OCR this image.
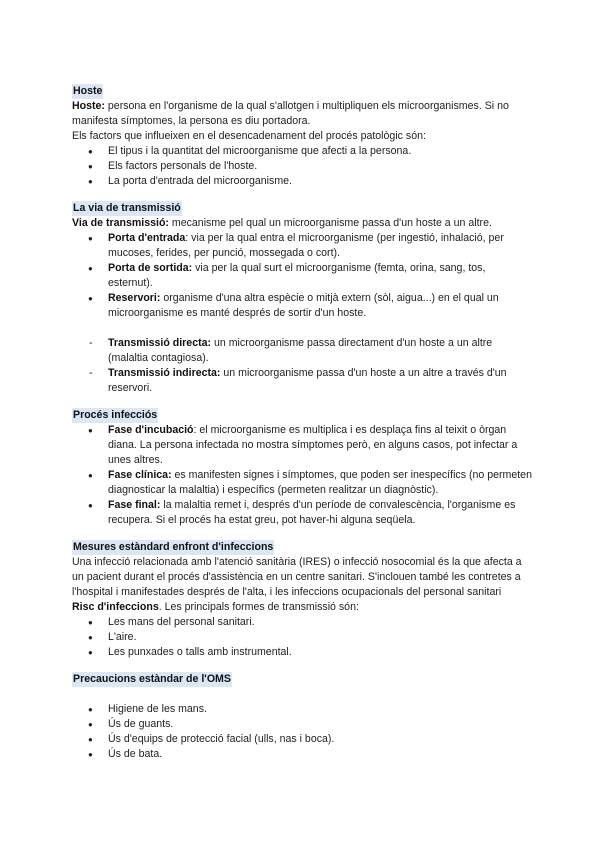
Hoste

Hoste: persona en l'organisme de la qual s'allotgen i multipliquen els microorganismes. Si no manifesta símptomes, la persona es diu portadora.

Els factors que influeixen en el desencadenament del procés patològic són:

● El tipus i la quantitat del microorganisme que afecti a la persona.
● Els factors personals de l'hoste.
● La porta d'entrada del microorganisme.
La via de transmissió

Via de transmissió: mecanisme pel qual un microorganisme passa d'un hoste a un altre.

● Porta d'entrada: via per la qual entra el microorganisme (per ingestió, inhalació, per mucoses, ferides, per punció, mossegada o cort).
● Porta de sortida: via per la qual surt el microorganisme (femta, orina, sang, tos, esternut).
● Reservori: organisme d'una altra espècie o mitjà extern (sòl, aigua...) en el qual un microorganisme es manté després de sortir d'un hoste.
- Transmissió directa: un microorganisme passa directament d'un hoste a un altre (malaltia contagiosa).
- Transmissió indirecta: un microorganisme passa d'un hoste a un altre a través d'un reservori.
Procés infecciós
● Fase d'incubació: el microorganisme es multiplica i es desplaça fins al teixit o òrgan diana. La persona infectada no mostra símptomes però, en alguns casos, pot infectar a unes altres.
● Fase clínica: es manifesten signes i símptomes, que poden ser inespecífics (no permeten diagnosticar la malaltia) i específics (permeten realitzar un diagnòstic).
● Fase final: la malaltia remet i, després d'un període de convalescència, l'organisme es recupera. Si el procés ha estat greu, pot haver-hi alguna seqüela.
Mesures estàndard enfront d'infeccions

Una infecció relacionada amb l'atenció sanitària (IRES) o infecció nosocomial és la que afecta a un pacient durant el procés d'assistència en un centre sanitari. S'inclouen també les contretes a l'hospital i manifestades després de l'alta, i les infeccions ocupacionals del personal sanitari

Risc d'infeccions. Les principals formes de transmissió són:

● Les mans del personal sanitari.
● L'aire.
● Les punxades o talls amb instrumental.
Precaucions estàndar de l'OMS
● Higiene de les mans.
● Ús de guants.
● Ús d'equips de protecció facial (ulls, nas i boca).
● Ús de bata.
